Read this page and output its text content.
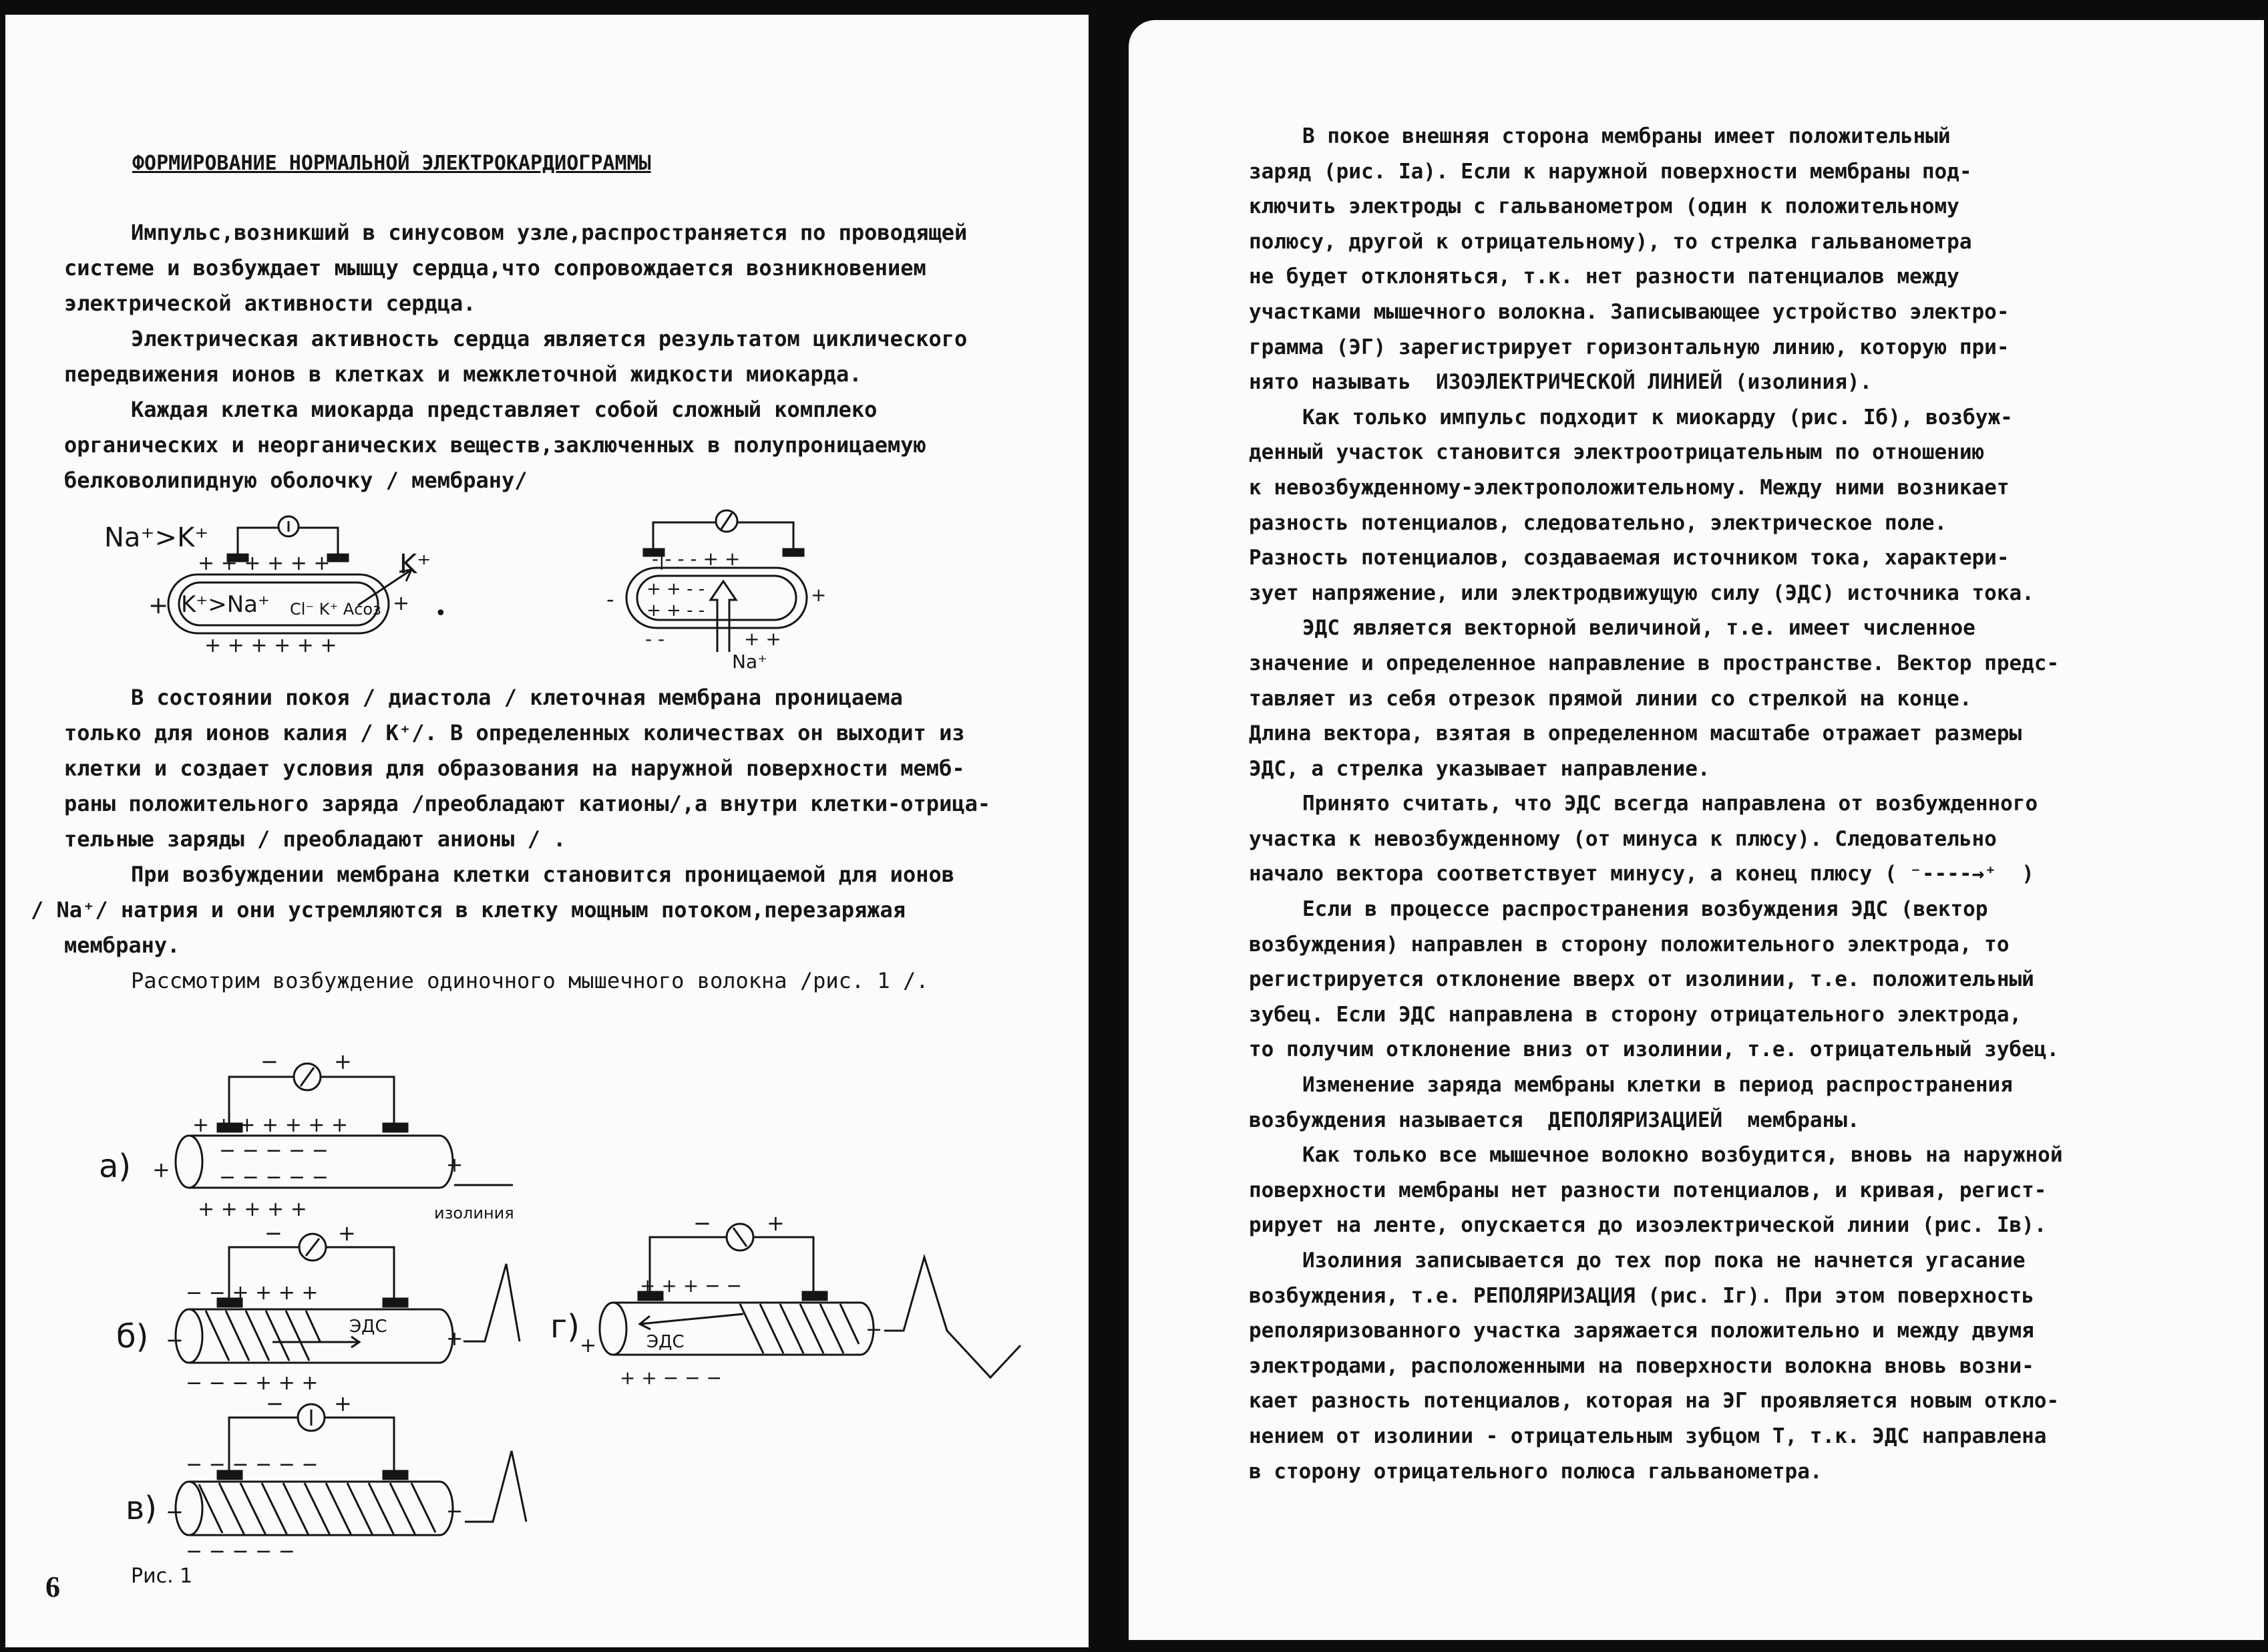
ФОРМИРОВАНИЕ НОРМАЛЬНОЙ ЭЛЕКТРОКАРДИОГРАММЫ

Импульс,возникший в синусовом узле,распространяется по проводящей
системе и возбуждает мышцу сердца,что сопровождается возникновением
электрической активноcти сердца.

Электрическая активность сердца является результатом циклического
передвижения ионов в клетках и межклеточной жидкости миокарда.

Каждая клетка миокарда представляет собой сложный комплеко
органических и неорганических веществ,заключенных в полупроницаемую
белковолипидную оболочку / мембрану/

Na⁺>K⁺
K⁺
+ + + + + +
K⁺>Na⁺ Cl⁻ K⁺ Aсоз
+	+
+ + + + + +
•
-|- - - + +
+ + - -
+ + - -
-	+
- -	+ +
Na⁺

В состоянии покоя / диастола / клеточная мембрана проницаема
только для ионов калия / К⁺/. В определенных количествах он выходит из
клетки и создает условия для образования на наружной поверхности мемб-
раны положительного заряда /преобладают катионы/,а внутри клетки-отрица-
тельные заряды / преобладают анионы / .

При возбуждении мембрана клетки становится проницаемой для ионов
/ Na⁺/ натрия и они устремляются в клетку мощным потоком,перезаряжая
мембрану.

Рассмотрим возбуждение одиночного мышечного волокна /рис. 1 /.

а) +
−	+
+ + + + + + +
− − − − −
− − − − −
+
+ + + + +	изолиния
б)
−	+
− − + + + +
ЭДС
−	+
− − − + + +
г)
+
−	+
+ + + − −
ЭДС
−
+ + − − −
в) −
− +
− − − − − −
−
− − − − −
Рис. 1
6

В покое внешняя сторона мембраны имеет положительный
заряд (рис. Iа). Если к наружной поверхности мембраны под-
ключить электроды с гальванометром (один к положительному
полюсу, другой к отрицательному), то стрелка гальванометра
не будет отклоняться, т.к. нет разности патенциалов между
участками мышечного волокна. Записывающее устройство электро-
грамма (ЭГ) зарегистрирует горизонтальную линию, которую при-
нято называть  ИЗОЭЛЕКТРИЧЕСКОЙ ЛИНИЕЙ (изолиния).

Как только импульс подходит к миокарду (рис. Iб), возбуж-
денный участок становится электроотрицательным по отношению
к невозбужденному-электроположительному. Между ними возникает
разность потенциалов, следовательно, электрическое поле.
Разность потенциалов, создаваемая источником тока, характери-
зует напряжение, или электродвижущую силу (ЭДС) источника тока.

ЭДС является векторной величиной, т.е. имеет численное
значение и определенное направление в пространстве. Вектор предс-
тавляет из себя отрезок прямой линии со стрелкой на конце.
Длина вектора, взятая в определенном масштабе отражает размеры
ЭДС, а стрелка указывает направление.

Принято считать, что ЭДС всегда направлена от возбужденного
участка к невозбужденному (от минуса к плюсу). Следовательно
начало вектора соответствует минусу, а конец плюсу ( ⁻----→⁺  )

Если в процессе распространения возбуждения ЭДС (вектор
возбуждения) направлен в сторону положительного электрода, то
регистрируется отклонение вверх от изолинии, т.е. положительный
зубец. Если ЭДС направлена в сторону отрицательного электрода,
то получим отклонение вниз от изолинии, т.е. отрицательный зубец.

Изменение заряда мембраны клетки в период распространения
возбуждения называется  ДЕПОЛЯРИЗАЦИЕЙ  мембраны.

Как только все мышечное волокно возбудится, вновь на наружной
поверхности мембраны нет разности потенциалов, и кривая, регист-
рирует на ленте, опускается до изоэлектрической линии (рис. Iв).

Изолиния записывается до тех пор пока не начнется угасание
возбуждения, т.е. РЕПОЛЯРИЗАЦИЯ (рис. Iг). При этом поверхность
реполяризованного участка заряжается положительно и между двумя
электродами, расположенными на поверхности волокна вновь возни-
кает разность потенциалов, которая на ЭГ проявляется новым откло-
нением от изолинии - отрицательным зубцом Т, т.к. ЭДС направлена
в сторону отрицательного полюса гальванометра.
